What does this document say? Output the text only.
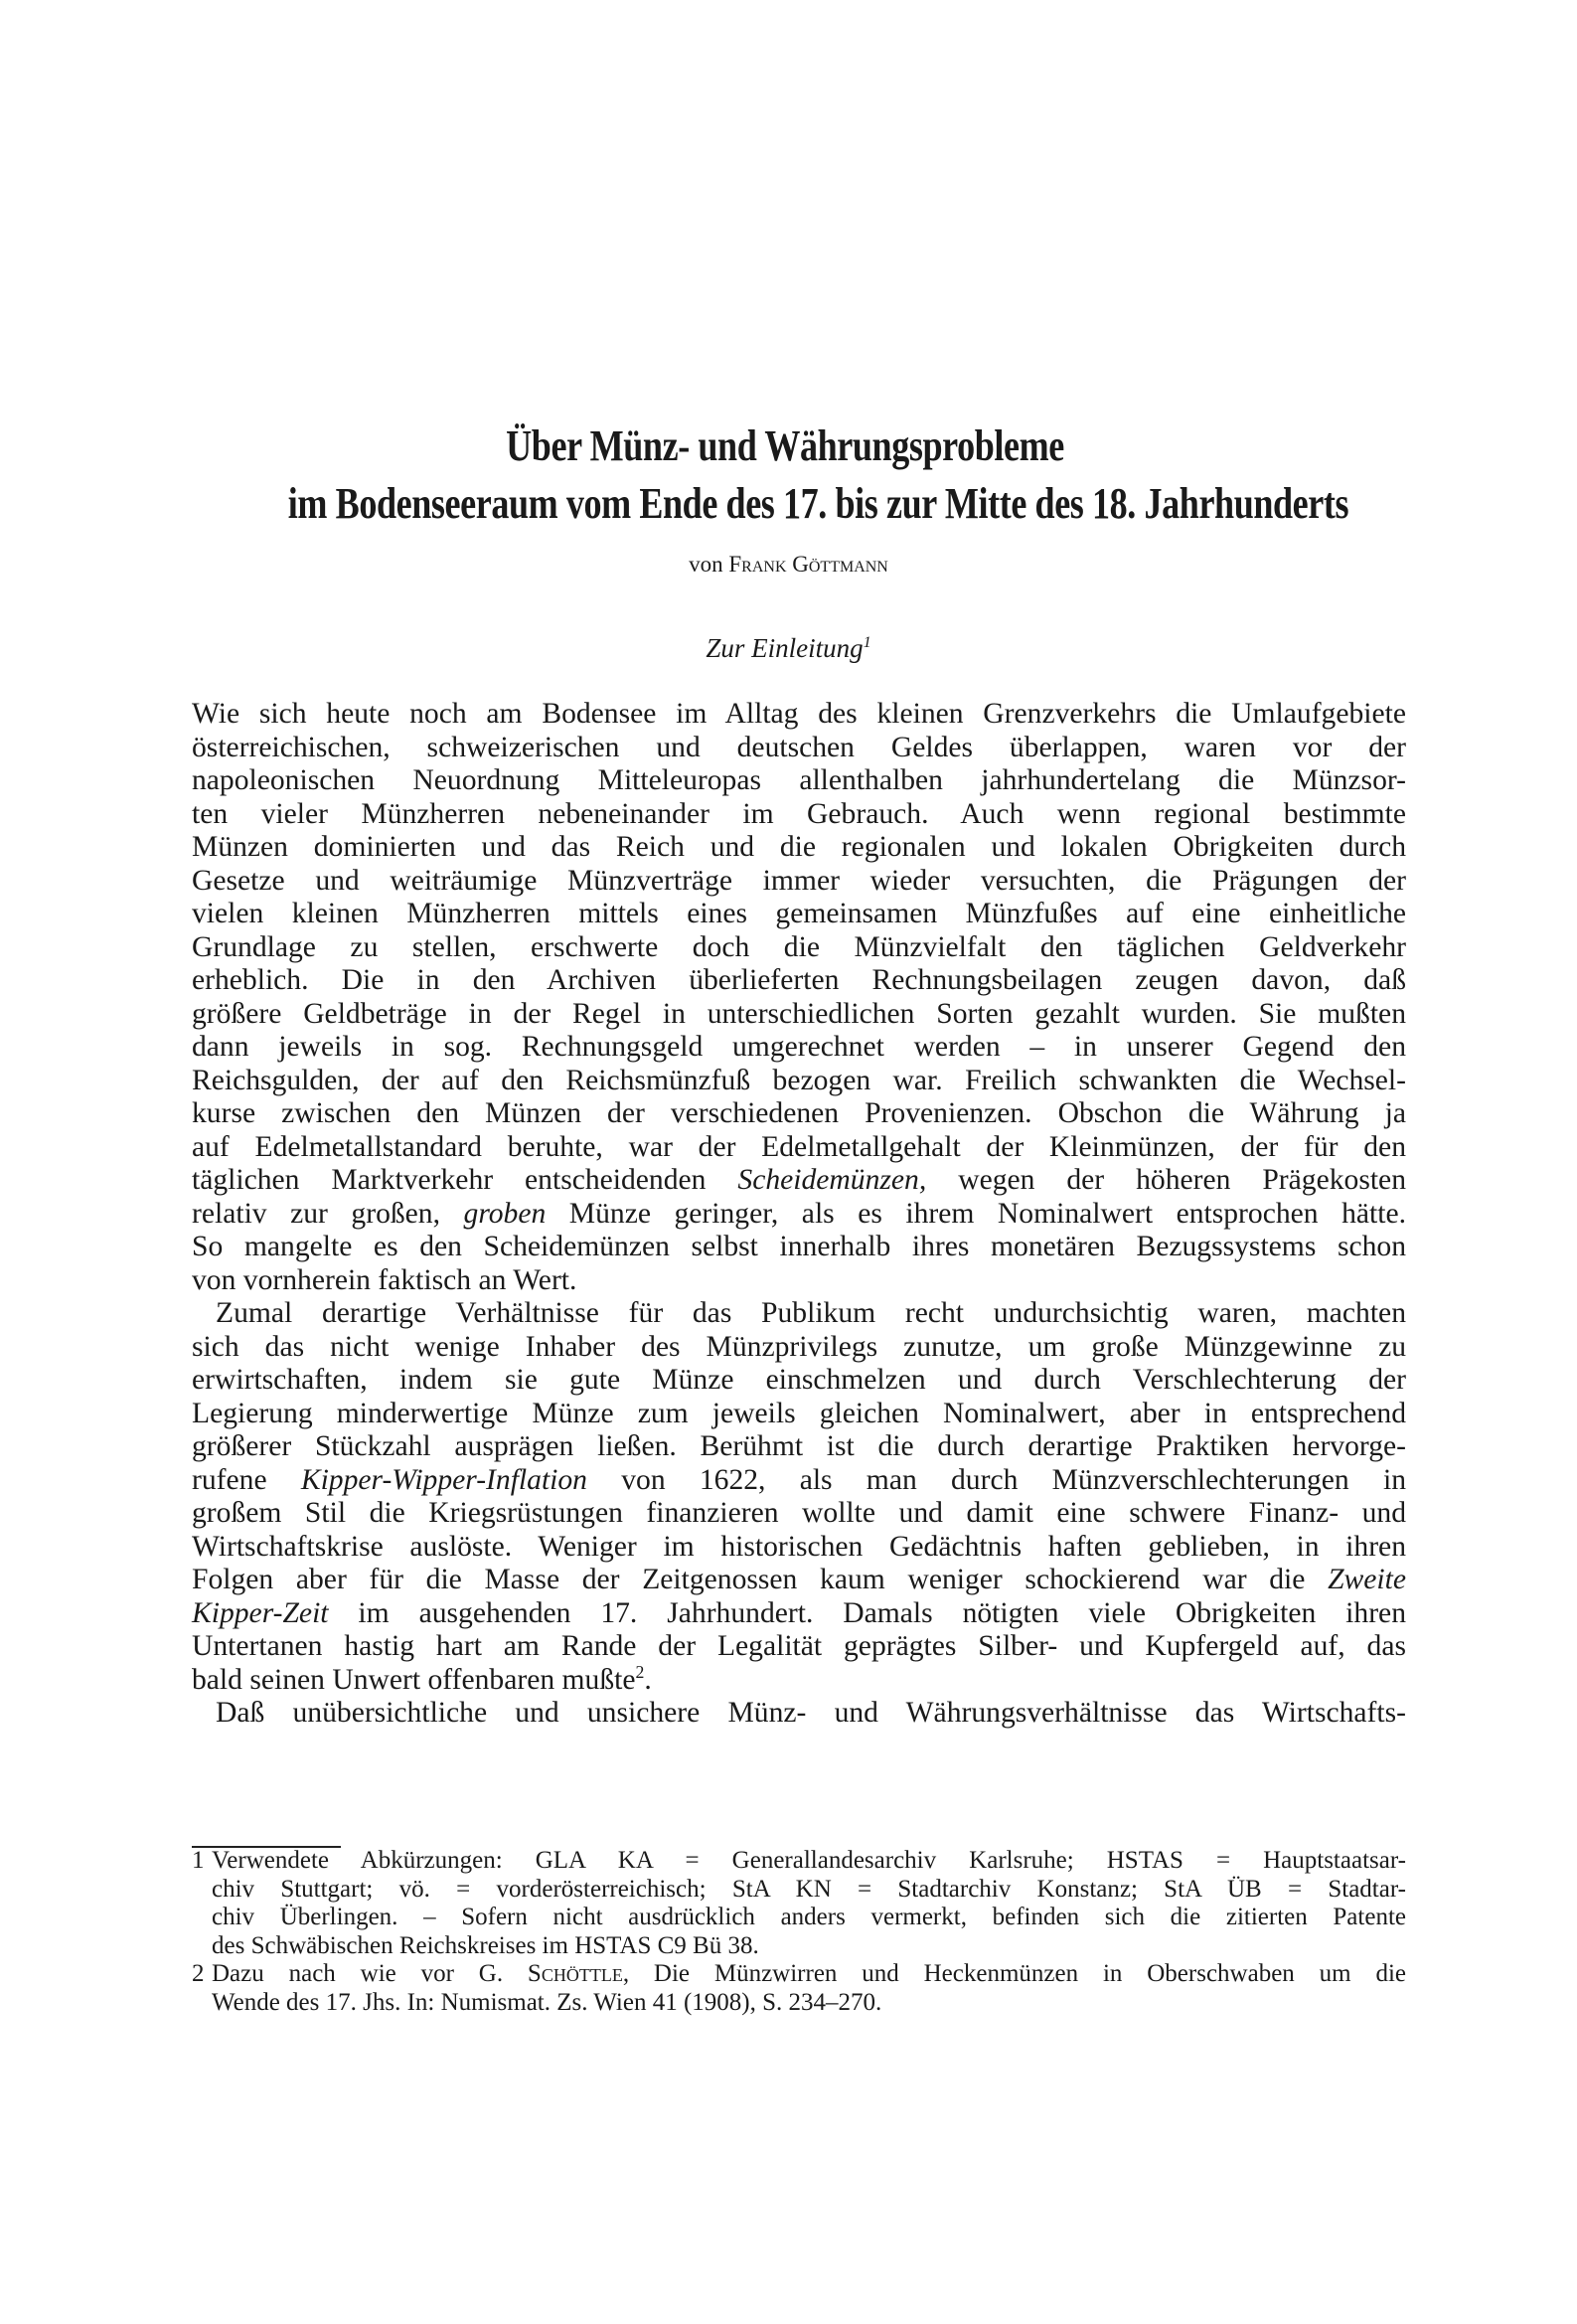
Über Münz- und Währungsprobleme
im Bodenseeraum vom Ende des 17. bis zur Mitte des 18. Jahrhunderts
von Frank Göttmann
Zur Einleitung$^1$
Wie sich heute noch am Bodensee im Alltag des kleinen Grenzverkehrs die Umlaufgebiete
österreichischen, schweizerischen und deutschen Geldes überlappen, waren vor der
napoleonischen Neuordnung Mitteleuropas allenthalben jahrhundertelang die Münzsor-
ten vieler Münzherren nebeneinander im Gebrauch. Auch wenn regional bestimmte
Münzen dominierten und das Reich und die regionalen und lokalen Obrigkeiten durch
Gesetze und weiträumige Münzverträge immer wieder versuchten, die Prägungen der
vielen kleinen Münzherren mittels eines gemeinsamen Münzfußes auf eine einheitliche
Grundlage zu stellen, erschwerte doch die Münzvielfalt den täglichen Geldverkehr
erheblich. Die in den Archiven überlieferten Rechnungsbeilagen zeugen davon, daß
größere Geldbeträge in der Regel in unterschiedlichen Sorten gezahlt wurden. Sie mußten
dann jeweils in sog. Rechnungsgeld umgerechnet werden – in unserer Gegend den
Reichsgulden, der auf den Reichsmünzfuß bezogen war. Freilich schwankten die Wechsel-
kurse zwischen den Münzen der verschiedenen Provenienzen. Obschon die Währung ja
auf Edelmetallstandard beruhte, war der Edelmetallgehalt der Kleinmünzen, der für den
täglichen Marktverkehr entscheidenden Scheidemünzen, wegen der höheren Prägekosten
relativ zur großen, groben Münze geringer, als es ihrem Nominalwert entsprochen hätte.
So mangelte es den Scheidemünzen selbst innerhalb ihres monetären Bezugssystems schon
von vornherein faktisch an Wert.
Zumal derartige Verhältnisse für das Publikum recht undurchsichtig waren, machten
sich das nicht wenige Inhaber des Münzprivilegs zunutze, um große Münzgewinne zu
erwirtschaften, indem sie gute Münze einschmelzen und durch Verschlechterung der
Legierung minderwertige Münze zum jeweils gleichen Nominalwert, aber in entsprechend
größerer Stückzahl ausprägen ließen. Berühmt ist die durch derartige Praktiken hervorge-
rufene Kipper-Wipper-Inflation von 1622, als man durch Münzverschlechterungen in
großem Stil die Kriegsrüstungen finanzieren wollte und damit eine schwere Finanz- und
Wirtschaftskrise auslöste. Weniger im historischen Gedächtnis haften geblieben, in ihren
Folgen aber für die Masse der Zeitgenossen kaum weniger schockierend war die Zweite
Kipper-Zeit im ausgehenden 17. Jahrhundert. Damals nötigten viele Obrigkeiten ihren
Untertanen hastig hart am Rande der Legalität geprägtes Silber- und Kupfergeld auf, das
bald seinen Unwert offenbaren mußte$^2$.
Daß unübersichtliche und unsichere Münz- und Währungsverhältnisse das Wirtschafts-
1 Verwendete Abkürzungen: GLA KA = Generallandesarchiv Karlsruhe; HSTAS = Hauptstaatsar-
chiv Stuttgart; vö. = vorderösterreichisch; StA KN = Stadtarchiv Konstanz; StA ÜB = Stadtar-
chiv Überlingen. – Sofern nicht ausdrücklich anders vermerkt, befinden sich die zitierten Patente
des Schwäbischen Reichskreises im HSTAS C9 Bü 38.
2 Dazu nach wie vor G. Schöttle, Die Münzwirren und Heckenmünzen in Oberschwaben um die
Wende des 17. Jhs. In: Numismat. Zs. Wien 41 (1908), S. 234–270.
